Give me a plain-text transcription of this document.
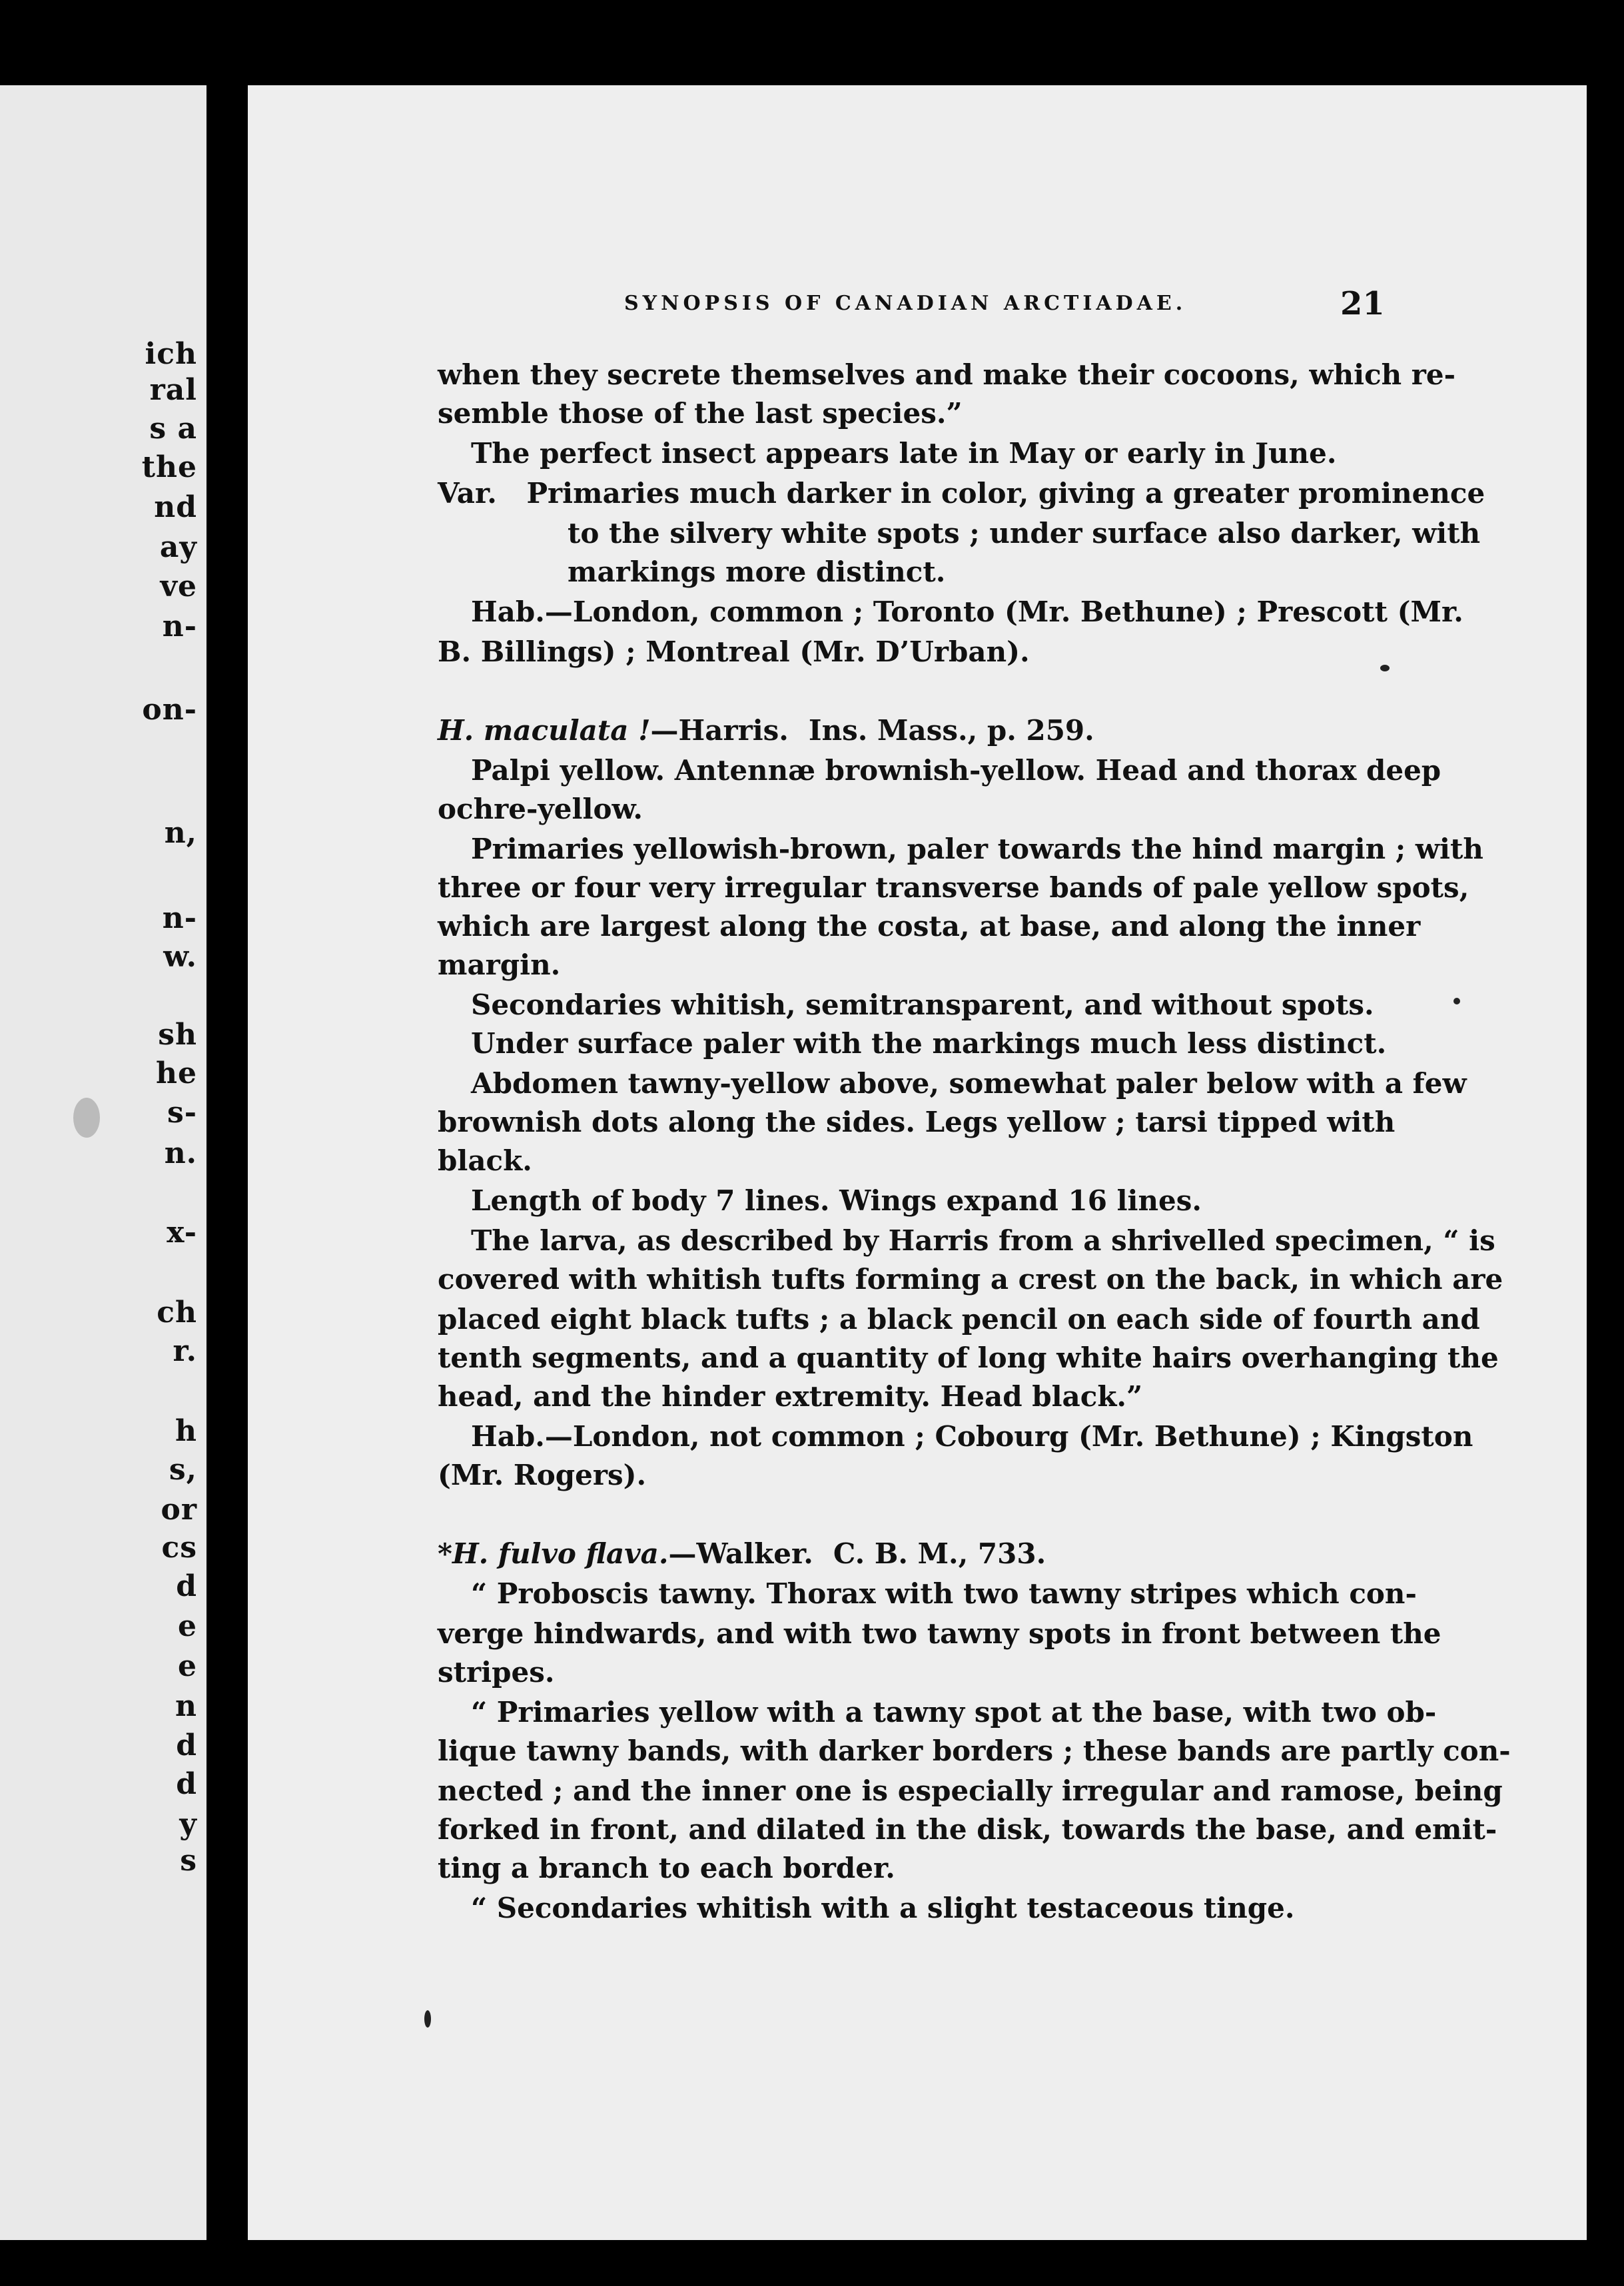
ich
ral
s a
the
nd
ay
ve
n-
on-
n,
n-
w.
sh
he
s-
n.
x-
ch
r.
h
s,
or
cs
d
e
e
n
d
d
y
s
SYNOPSIS OF CANADIAN ARCTIADAE.	21
when they secrete themselves and make their cocoons, which re-
semble those of the last species.”
The perfect insect appears late in May or early in June.
Var. Primaries much darker in color, giving a greater prominence
to the silvery white spots ; under surface also darker, with
markings more distinct.
Hab.—London, common ; Toronto (Mr. Bethune) ; Prescott (Mr.
B. Billings) ; Montreal (Mr. D’Urban).
H. maculata !—Harris. Ins. Mass., p. 259.
Palpi yellow. Antennæ brownish-yellow. Head and thorax deep
ochre-yellow.
Primaries yellowish-brown, paler towards the hind margin ; with
three or four very irregular transverse bands of pale yellow spots,
which are largest along the costa, at base, and along the inner
margin.
Secondaries whitish, semitransparent, and without spots.
Under surface paler with the markings much less distinct.
Abdomen tawny-yellow above, somewhat paler below with a few
brownish dots along the sides. Legs yellow ; tarsi tipped with
black.
Length of body 7 lines. Wings expand 16 lines.
The larva, as described by Harris from a shrivelled specimen, “ is
covered with whitish tufts forming a crest on the back, in which are
placed eight black tufts ; a black pencil on each side of fourth and
tenth segments, and a quantity of long white hairs overhanging the
head, and the hinder extremity. Head black.”
Hab.—London, not common ; Cobourg (Mr. Bethune) ; Kingston
(Mr. Rogers).
*H. fulvo flava.—Walker. C. B. M., 733.
“ Proboscis tawny. Thorax with two tawny stripes which con-
verge hindwards, and with two tawny spots in front between the
stripes.
“ Primaries yellow with a tawny spot at the base, with two ob-
lique tawny bands, with darker borders ; these bands are partly con-
nected ; and the inner one is especially irregular and ramose, being
forked in front, and dilated in the disk, towards the base, and emit-
ting a branch to each border.
“ Secondaries whitish with a slight testaceous tinge.
